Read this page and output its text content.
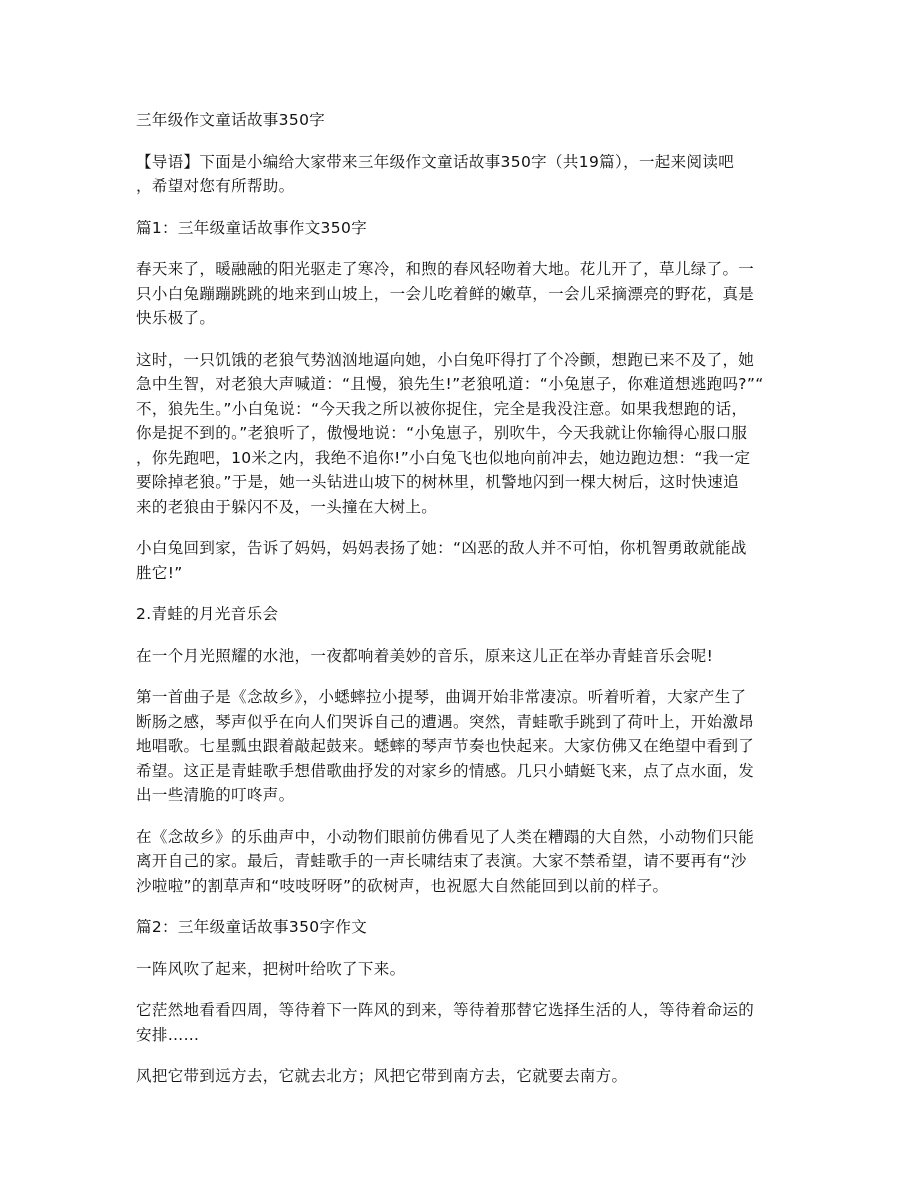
三年级作文童话故事350字
【导语】下面是小编给大家带来三年级作文童话故事350字（共19篇），一起来阅读吧
，希望对您有所帮助。
篇1：三年级童话故事作文350字
春天来了，暖融融的阳光驱走了寒冷，和煦的春风轻吻着大地。花儿开了，草儿绿了。一
只小白兔蹦蹦跳跳的地来到山坡上，一会儿吃着鲜的嫩草，一会儿采摘漂亮的野花，真是
快乐极了。
这时，一只饥饿的老狼气势汹汹地逼向她，小白兔吓得打了个冷颤，想跑已来不及了，她
急中生智，对老狼大声喊道：“且慢，狼先生!”老狼吼道：“小兔崽子，你难道想逃跑吗?”“
不，狼先生。”小白兔说：“今天我之所以被你捉住，完全是我没注意。如果我想跑的话，
你是捉不到的。”老狼听了，傲慢地说：“小兔崽子，别吹牛，今天我就让你输得心服口服
，你先跑吧，10米之内，我绝不追你!”小白兔飞也似地向前冲去，她边跑边想：“我一定
要除掉老狼。”于是，她一头钻进山坡下的树林里，机警地闪到一棵大树后，这时快速追
来的老狼由于躲闪不及，一头撞在大树上。
小白兔回到家，告诉了妈妈，妈妈表扬了她：“凶恶的敌人并不可怕，你机智勇敢就能战
胜它!”
2.青蛙的月光音乐会
在一个月光照耀的水池，一夜都响着美妙的音乐，原来这儿正在举办青蛙音乐会呢!
第一首曲子是《念故乡》，小蟋蟀拉小提琴，曲调开始非常凄凉。听着听着，大家产生了
断肠之感，琴声似乎在向人们哭诉自己的遭遇。突然，青蛙歌手跳到了荷叶上，开始激昂
地唱歌。七星瓢虫跟着敲起鼓来。蟋蟀的琴声节奏也快起来。大家仿佛又在绝望中看到了
希望。这正是青蛙歌手想借歌曲抒发的对家乡的情感。几只小蜻蜓飞来，点了点水面，发
出一些清脆的叮咚声。
在《念故乡》的乐曲声中，小动物们眼前仿佛看见了人类在糟蹋的大自然，小动物们只能
离开自己的家。最后，青蛙歌手的一声长啸结束了表演。大家不禁希望，请不要再有“沙
沙啦啦”的割草声和“吱吱呀呀”的砍树声，也祝愿大自然能回到以前的样子。
篇2：三年级童话故事350字作文
一阵风吹了起来，把树叶给吹了下来。
它茫然地看看四周，等待着下一阵风的到来，等待着那替它选择生活的人，等待着命运的
安排……
风把它带到远方去，它就去北方；风把它带到南方去，它就要去南方。
